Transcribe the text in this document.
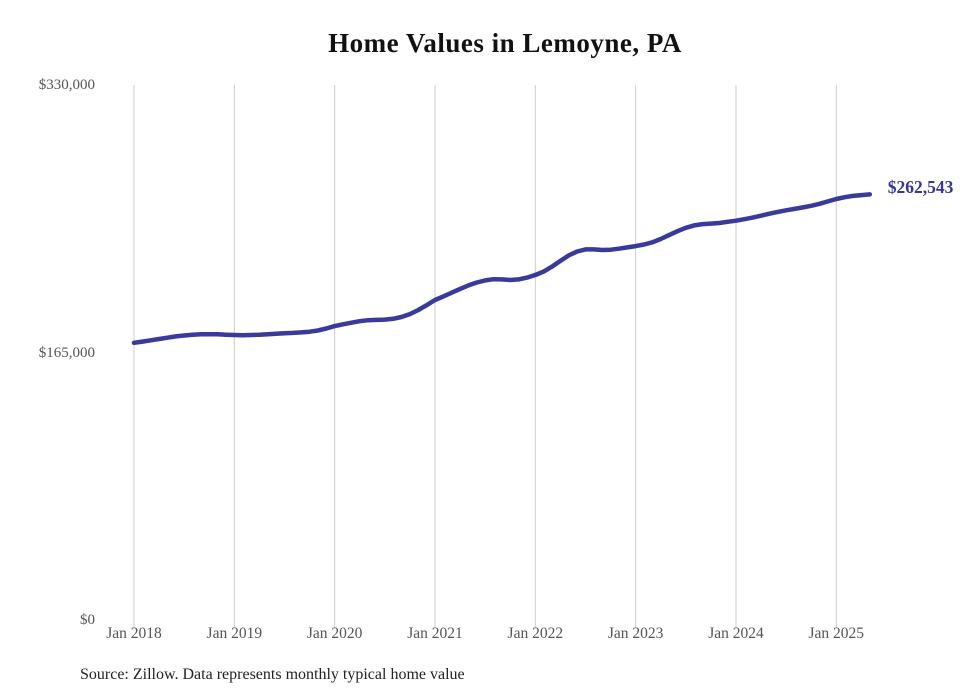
Home Values in Lemoyne, PA
$0
$165,000
$330,000
Jan 2018	Jan 2019	Jan 2020	Jan 2021	Jan 2022	Jan 2023	Jan 2024	Jan 2025
$262,543
Source: Zillow. Data represents monthly typical home value
